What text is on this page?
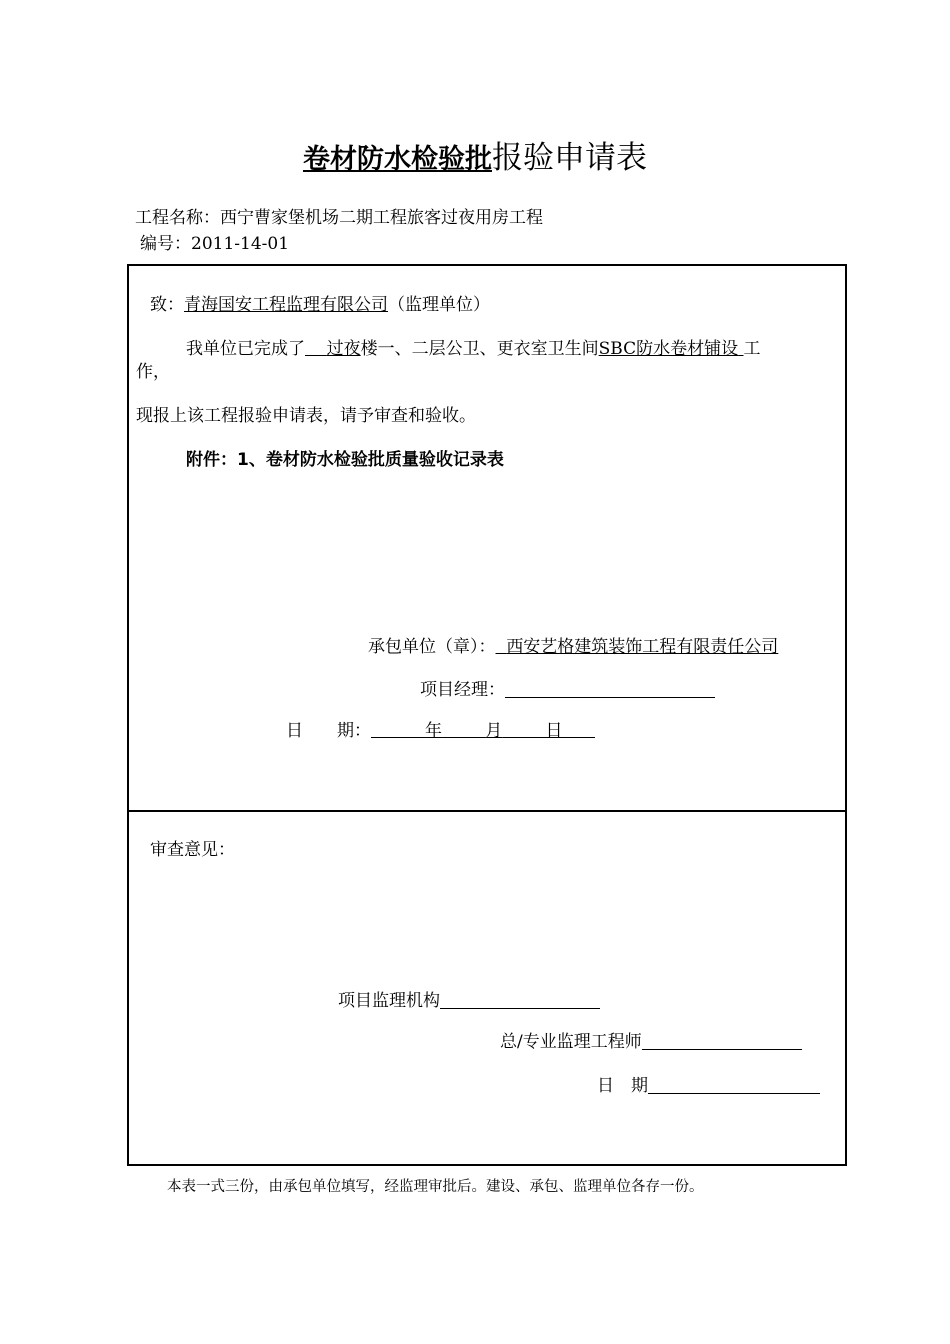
卷材防水检验批报验申请表
工程名称：西宁曹家堡机场二期工程旅客过夜用房工程
编号：2011-14-01
致：青海国安工程监理有限公司（监理单位）
我单位已完成了 过夜楼一、二层公卫、更衣室卫生间SBC防水卷材铺设 工
作，
现报上该工程报验申请表，请予审查和验收。
附件：1、卷材防水检验批质量验收记录表
承包单位（章）： 西安艺格建筑装饰工程有限责任公司
项目经理：
日　　期：	年	月	日
审查意见：
项目监理机构
总/专业监理工程师
日　期
本表一式三份，由承包单位填写，经监理审批后。建设、承包、监理单位各存一份。
